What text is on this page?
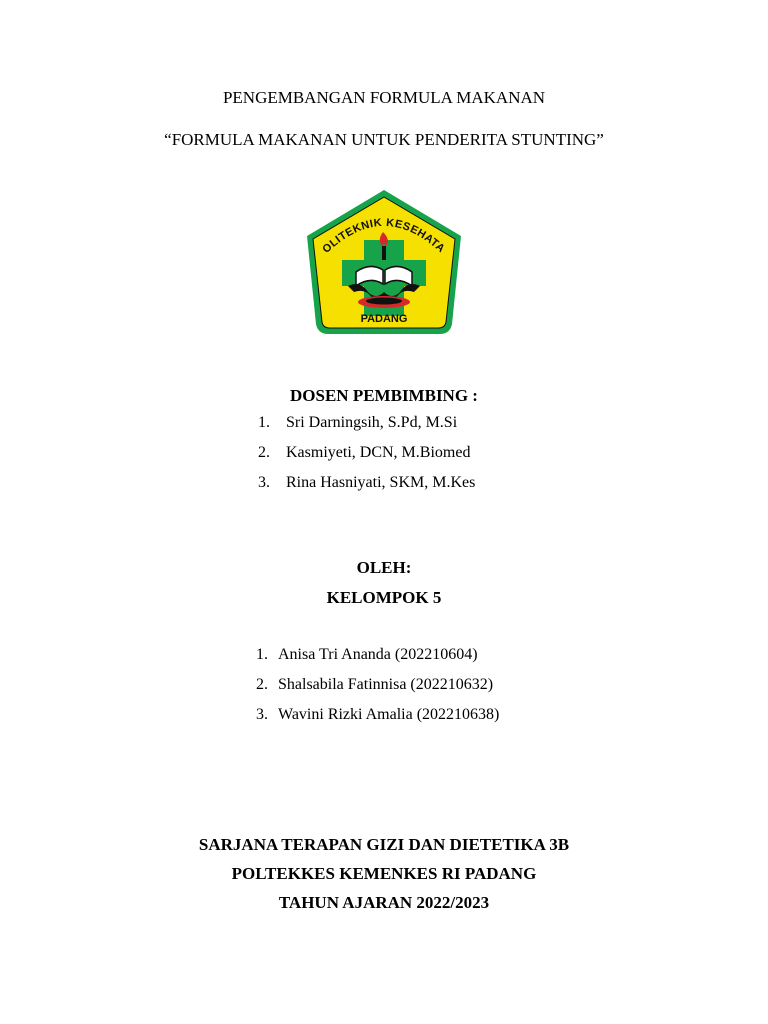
PENGEMBANGAN FORMULA MAKANAN
“FORMULA MAKANAN UNTUK PENDERITA STUNTING”
OLITEKNIK KESEHATA
PADANG
DOSEN PEMBIMBING :
1. Sri Darningsih, S.Pd, M.Si
2. Kasmiyeti, DCN, M.Biomed
3. Rina Hasniyati, SKM, M.Kes
OLEH:
KELOMPOK 5
1. Anisa Tri Ananda (202210604)
2. Shalsabila Fatinnisa (202210632)
3. Wavini Rizki Amalia (202210638)
SARJANA TERAPAN GIZI DAN DIETETIKA 3B
POLTEKKES KEMENKES RI PADANG
TAHUN AJARAN 2022/2023
